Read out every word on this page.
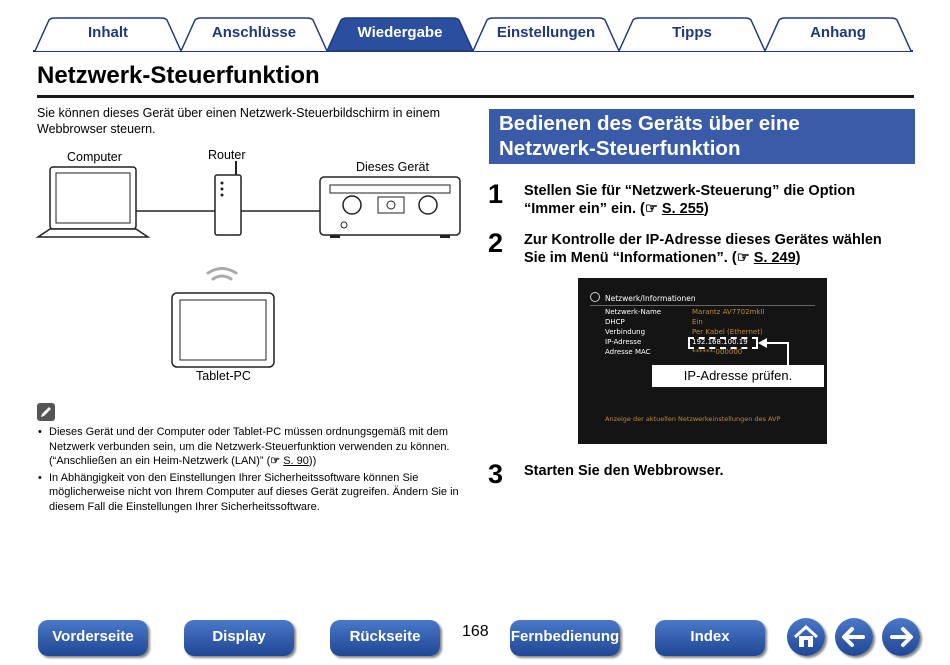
Inhalt	Anschlüsse	Wiedergabe	Einstellungen	Tipps	Anhang
Netzwerk-Steuerfunktion
Sie können dieses Gerät über einen Netzwerk-Steuerbildschirm in einem Webbrowser steuern.
Computer	Router
Dieses Gerät
Tablet-PC
• Dieses Gerät und der Computer oder Tablet-PC müssen ordnungsgemäß mit dem Netzwerk verbunden sein, um die Netzwerk-Steuerfunktion verwenden zu können. (“Anschließen an ein Heim-Netzwerk (LAN)” (☞ S. 90))
• In Abhängigkeit von den Einstellungen Ihrer Sicherheitssoftware können Sie möglicherweise nicht von Ihrem Computer auf dieses Gerät zugreifen. Ändern Sie in diesem Fall die Einstellungen Ihrer Sicherheitssoftware.
Bedienen des Geräts über eine
Netzwerk-Steuerfunktion
1 Stellen Sie für “Netzwerk-Steuerung” die Option
“Immer ein” ein. (☞ S. 255)
2 Zur Kontrolle der IP-Adresse dieses Gerätes wählen
Sie im Menü “Informationen”. (☞ S. 249)
Netzwerk/Informationen
Netzwerk-Name	Marantz AV7702mkII
DHCP	Ein
Verbindung	Per Kabel (Ethernet)
IP-Adresse	192.168.100.19
Adresse MAC	******-000000
Anzeige der aktuellen Netzwerkeinstellungen des AVP
IP-Adresse prüfen.
3 Starten Sie den Webbrowser.
Vorderseite	Display	Rückseite	168 Fernbedienung	Index
